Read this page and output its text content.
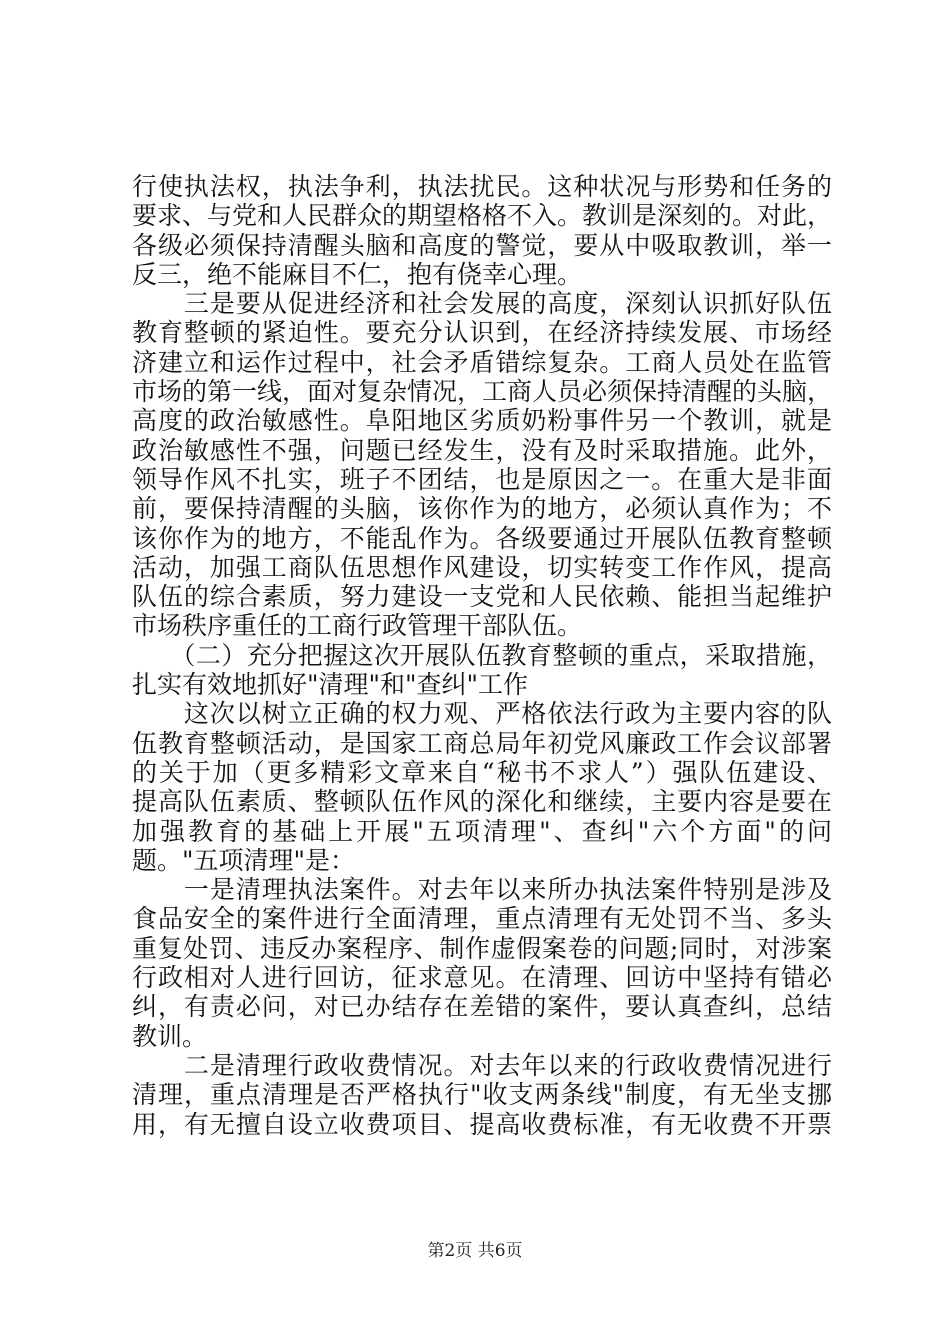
行使执法权，执法争利，执法扰民。这种状况与形势和任务的
要求、与党和人民群众的期望格格不入。教训是深刻的。对此，
各级必须保持清醒头脑和高度的警觉，要从中吸取教训，举一
反三，绝不能麻目不仁，抱有侥幸心理。
　　三是要从促进经济和社会发展的高度，深刻认识抓好队伍
教育整顿的紧迫性。要充分认识到，在经济持续发展、市场经
济建立和运作过程中，社会矛盾错综复杂。工商人员处在监管
市场的第一线，面对复杂情况，工商人员必须保持清醒的头脑，
高度的政治敏感性。阜阳地区劣质奶粉事件另一个教训，就是
政治敏感性不强，问题已经发生，没有及时采取措施。此外，
领导作风不扎实，班子不团结，也是原因之一。在重大是非面
前，要保持清醒的头脑，该你作为的地方，必须认真作为；不
该你作为的地方，不能乱作为。各级要通过开展队伍教育整顿
活动，加强工商队伍思想作风建设，切实转变工作作风，提高
队伍的综合素质，努力建设一支党和人民依赖、能担当起维护
市场秩序重任的工商行政管理干部队伍。
　　（二）充分把握这次开展队伍教育整顿的重点，采取措施，
扎实有效地抓好"清理"和"查纠"工作
　　这次以树立正确的权力观、严格依法行政为主要内容的队
伍教育整顿活动，是国家工商总局年初党风廉政工作会议部署
的关于加（更多精彩文章来自“秘书不求人”）强队伍建设、
提高队伍素质、整顿队伍作风的深化和继续，主要内容是要在
加强教育的基础上开展"五项清理"、查纠"六个方面"的问
题。"五项清理"是：
　　一是清理执法案件。对去年以来所办执法案件特别是涉及
食品安全的案件进行全面清理，重点清理有无处罚不当、多头
重复处罚、违反办案程序、制作虚假案卷的问题;同时，对涉案
行政相对人进行回访，征求意见。在清理、回访中坚持有错必
纠，有责必问，对已办结存在差错的案件，要认真查纠，总结
教训。
　　二是清理行政收费情况。对去年以来的行政收费情况进行
清理，重点清理是否严格执行"收支两条线"制度，有无坐支挪
用，有无擅自设立收费项目、提高收费标准，有无收费不开票
第2页 共6页
